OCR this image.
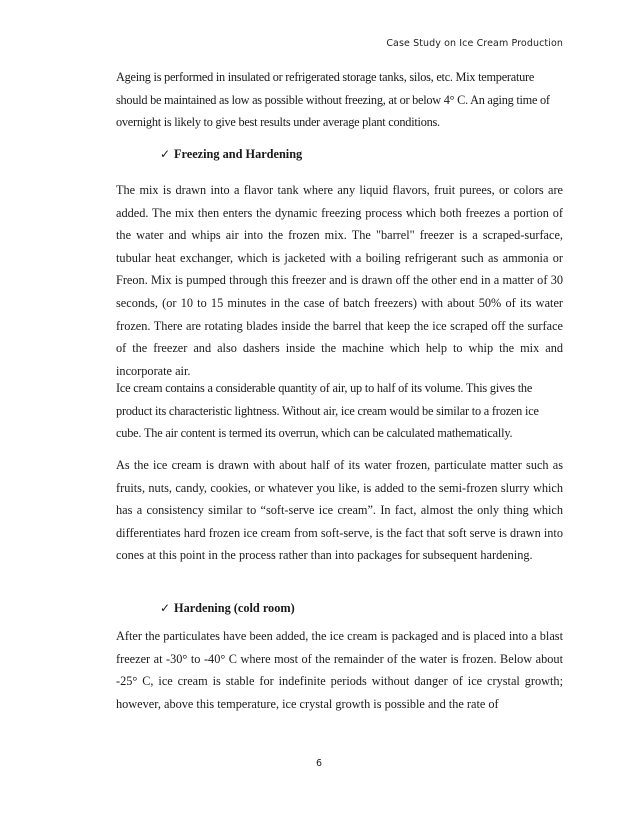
Case Study on Ice Cream Production

Ageing is performed in insulated or refrigerated storage tanks, silos, etc. Mix temperature should be maintained as low as possible without freezing, at or below 4° C. An aging time of overnight is likely to give best results under average plant conditions.

✓ Freezing and Hardening

The mix is drawn into a flavor tank where any liquid flavors, fruit purees, or colors are added. The mix then enters the dynamic freezing process which both freezes a portion of the water and whips air into the frozen mix. The "barrel" freezer is a scraped-surface, tubular heat exchanger, which is jacketed with a boiling refrigerant such as ammonia or Freon. Mix is pumped through this freezer and is drawn off the other end in a matter of 30 seconds, (or 10 to 15 minutes in the case of batch freezers) with about 50% of its water frozen. There are rotating blades inside the barrel that keep the ice scraped off the surface of the freezer and also dashers inside the machine which help to whip the mix and incorporate air.

Ice cream contains a considerable quantity of air, up to half of its volume. This gives the product its characteristic lightness. Without air, ice cream would be similar to a frozen ice cube. The air content is termed its overrun, which can be calculated mathematically.

As the ice cream is drawn with about half of its water frozen, particulate matter such as fruits, nuts, candy, cookies, or whatever you like, is added to the semi-frozen slurry which has a consistency similar to “soft-serve ice cream”. In fact, almost the only thing which differentiates hard frozen ice cream from soft-serve, is the fact that soft serve is drawn into cones at this point in the process rather than into packages for subsequent hardening.

✓ Hardening (cold room)

After the particulates have been added, the ice cream is packaged and is placed into a blast freezer at -30° to -40° C where most of the remainder of the water is frozen. Below about -25° C, ice cream is stable for indefinite periods without danger of ice crystal growth; however, above this temperature, ice crystal growth is possible and the rate of

6
